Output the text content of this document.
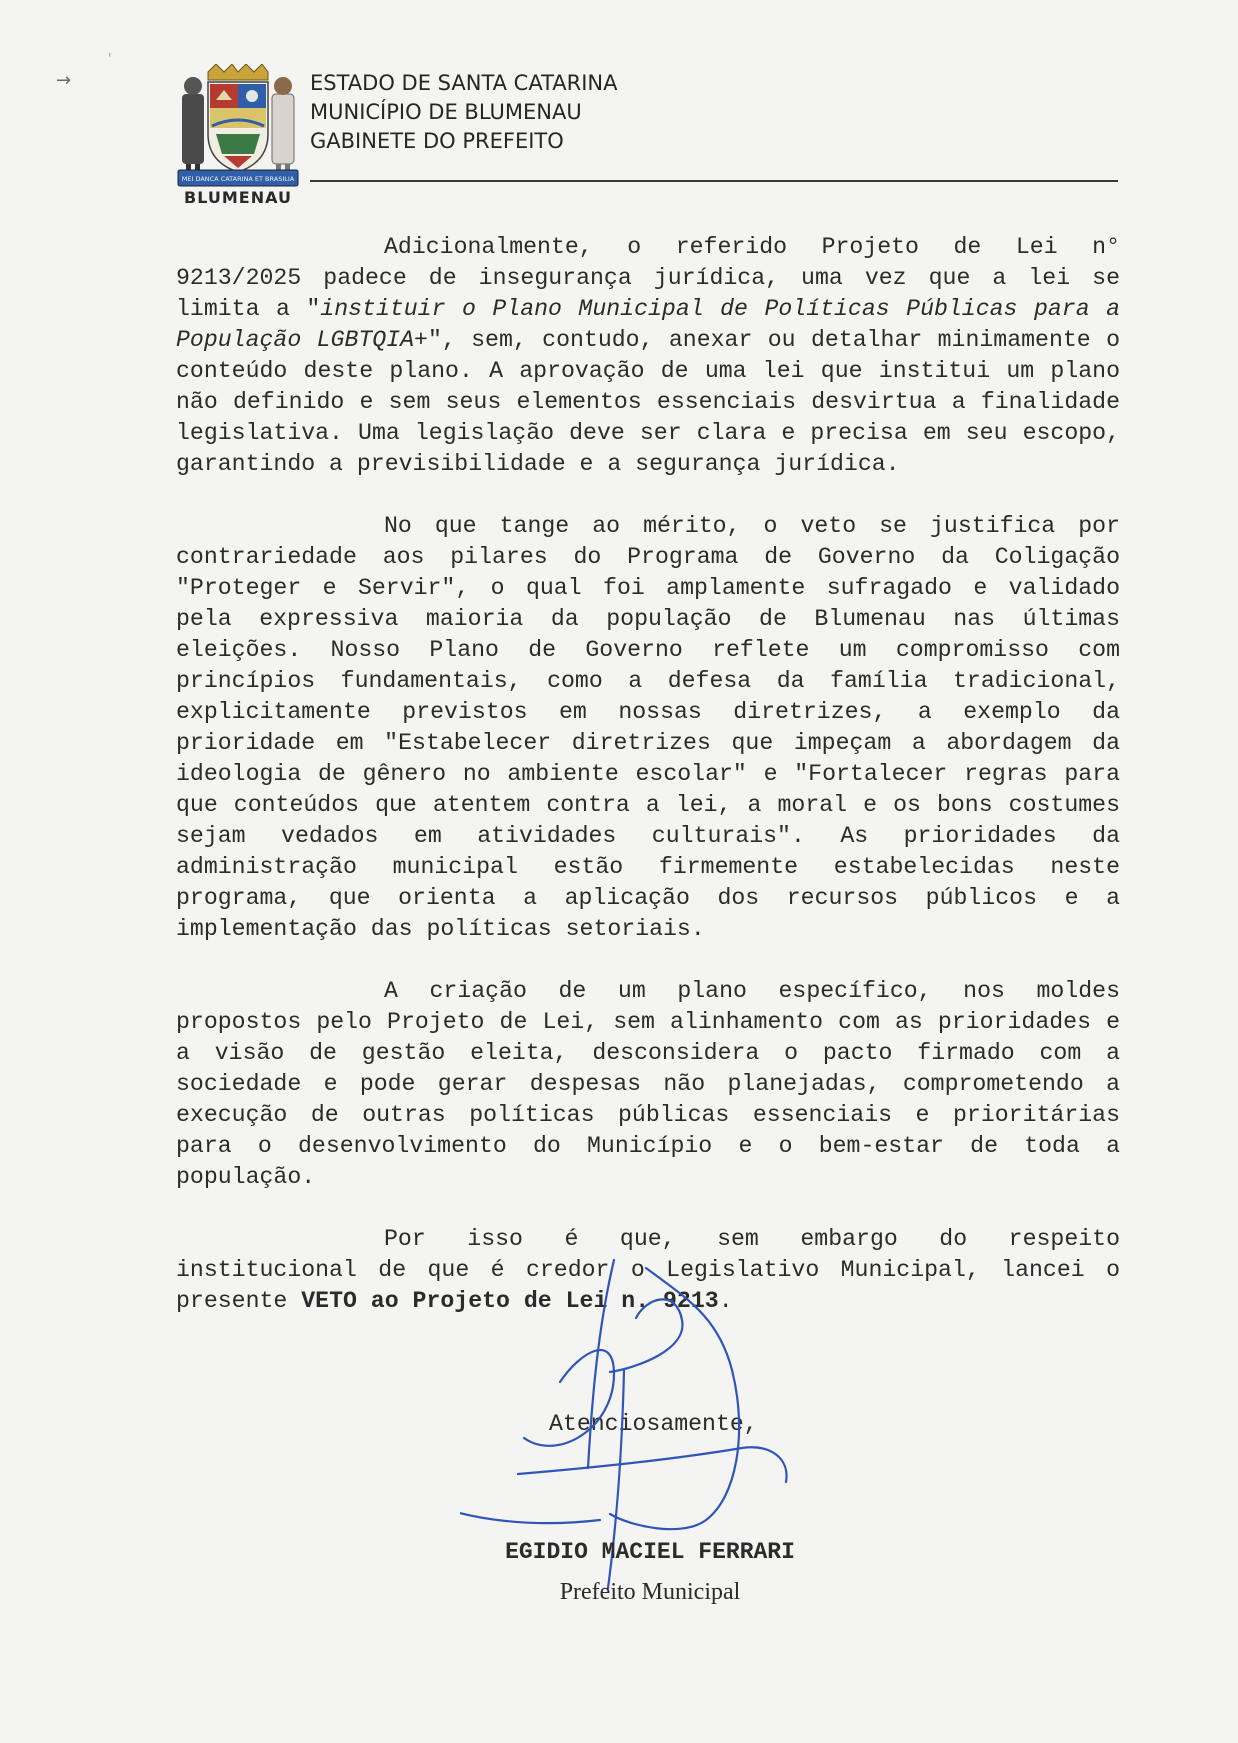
→
'
MEI DANCA CATARINA ET BRASILIA
BLUMENAU
ESTADO DE SANTA CATARINA
MUNICÍPIO DE BLUMENAU
GABINETE DO PREFEITO

Adicionalmente, o referido Projeto de Lei n° 9213/2025 padece de insegurança jurídica, uma vez que a lei se limita a "instituir o Plano Municipal de Políticas Públicas para a População LGBTQIA+", sem, contudo, anexar ou detalhar minimamente o conteúdo deste plano. A aprovação de uma lei que institui um plano não definido e sem seus elementos essenciais desvirtua a finalidade legislativa. Uma legislação deve ser clara e precisa em seu escopo, garantindo a previsibilidade e a segurança jurídica.

No que tange ao mérito, o veto se justifica por contrariedade aos pilares do Programa de Governo da Coligação "Proteger e Servir", o qual foi amplamente sufragado e validado pela expressiva maioria da população de Blumenau nas últimas eleições. Nosso Plano de Governo reflete um compromisso com princípios fundamentais, como a defesa da família tradicional, explicitamente previstos em nossas diretrizes, a exemplo da prioridade em "Estabelecer diretrizes que impeçam a abordagem da ideologia de gênero no ambiente escolar" e "Fortalecer regras para que conteúdos que atentem contra a lei, a moral e os bons costumes sejam vedados em atividades culturais". As prioridades da administração municipal estão firmemente estabelecidas neste programa, que orienta a aplicação dos recursos públicos e a implementação das políticas setoriais.

A criação de um plano específico, nos moldes propostos pelo Projeto de Lei, sem alinhamento com as prioridades e a visão de gestão eleita, desconsidera o pacto firmado com a sociedade e pode gerar despesas não planejadas, comprometendo a execução de outras políticas públicas essenciais e prioritárias para o desenvolvimento do Município e o bem-estar de toda a população.

Por isso é que, sem embargo do respeito institucional de que é credor o Legislativo Municipal, lancei o presente VETO ao Projeto de Lei n. 9213.

Atenciosamente,
EGIDIO MACIEL FERRARI
Prefeito Municipal
